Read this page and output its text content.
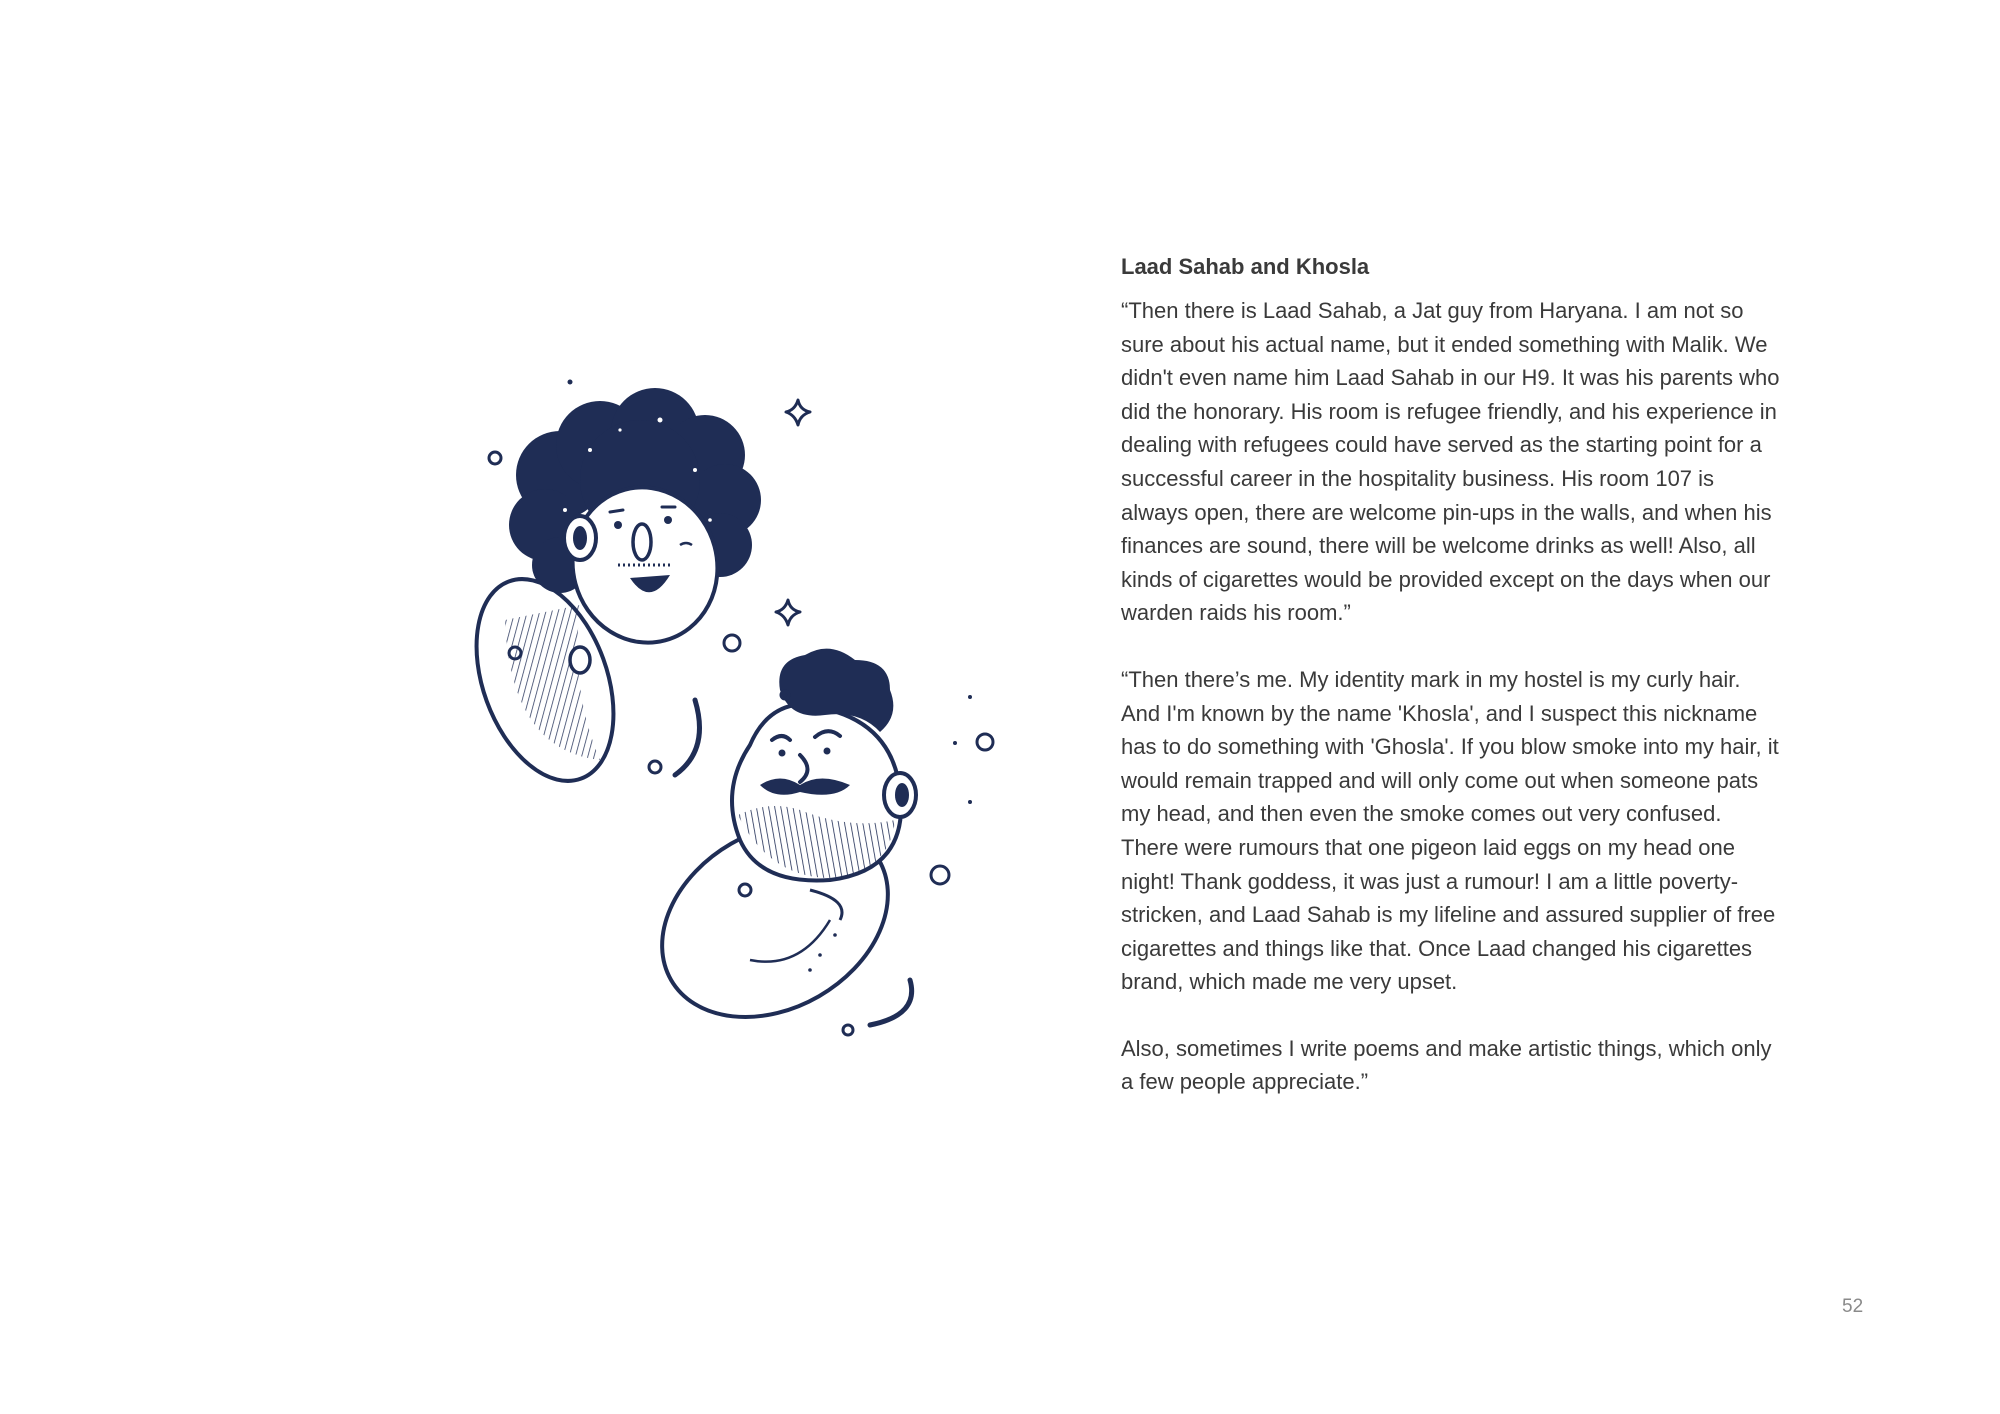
Laad Sahab and Khosla

“Then there is Laad Sahab, a Jat guy from Haryana. I am not so sure about his actual name, but it ended something with Malik. We didn't even name him Laad Sahab in our H9. It was his parents who did the honorary. His room is refugee friendly, and his experience in dealing with refugees could have served as the starting point for a successful career in the hospitality business. His room 107 is always open, there are welcome pin-ups in the walls, and when his finances are sound, there will be welcome drinks as well! Also, all kinds of cigarettes would be provided except on the days when our warden raids his room.”

“Then there’s me. My identity mark in my hostel is my curly hair. And I'm known by the name 'Khosla', and I suspect this nickname has to do something with 'Ghosla'. If you blow smoke into my hair, it would remain trapped and will only come out when someone pats my head, and then even the smoke comes out very confused. There were rumours that one pigeon laid eggs on my head one night! Thank goddess, it was just a rumour! I am a little poverty-stricken, and Laad Sahab is my lifeline and assured supplier of free cigarettes and things like that. Once Laad changed his cigarettes brand, which made me very upset.

Also, sometimes I write poems and make artistic things, which only a few people appreciate.”

52
